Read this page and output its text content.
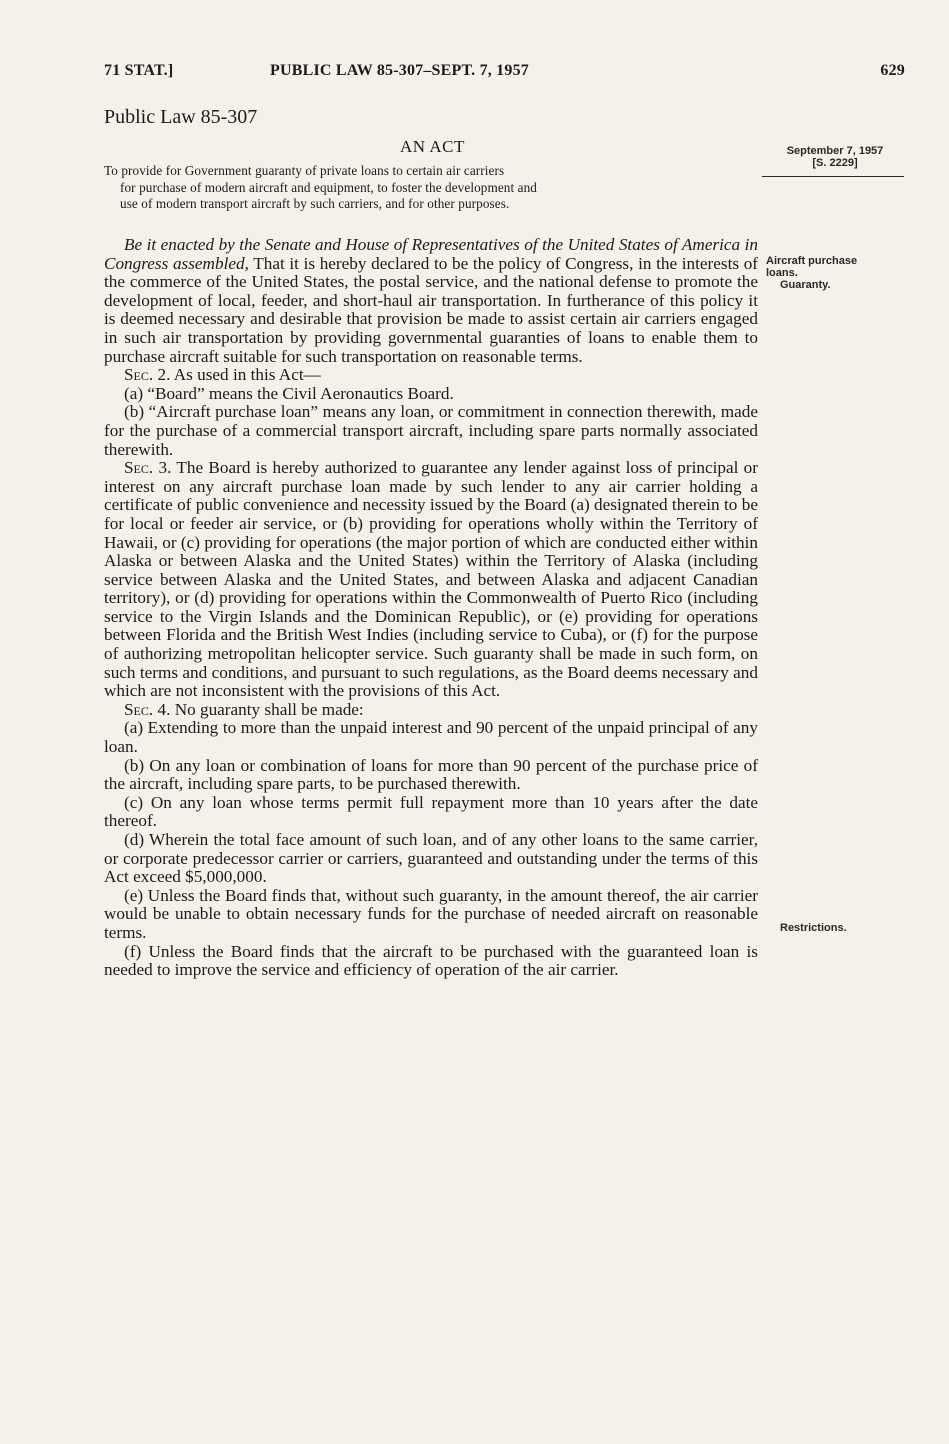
71 STAT.]	PUBLIC LAW 85-307–SEPT. 7, 1957	629
Public Law 85-307
AN ACT

To provide for Government guaranty of private loans to certain air carriers
for purchase of modern aircraft and equipment, to foster the development and
use of modern transport aircraft by such carriers, and for other purposes.

September 7, 1957
[S. 2229]
Aircraft purchase
loans.
Guaranty.
Restrictions.

Be it enacted by the Senate and House of Representatives of the United States of America in Congress assembled, That it is hereby declared to be the policy of Congress, in the interests of the commerce of the United States, the postal service, and the national defense to promote the development of local, feeder, and short-haul air transportation. In furtherance of this policy it is deemed necessary and desirable that provision be made to assist certain air carriers engaged in such air transportation by providing governmental guaranties of loans to enable them to purchase aircraft suitable for such transportation on reasonable terms.

Sec. 2. As used in this Act—

(a) “Board” means the Civil Aeronautics Board.

(b) “Aircraft purchase loan” means any loan, or commitment in connection therewith, made for the purchase of a commercial transport aircraft, including spare parts normally associated therewith.

Sec. 3. The Board is hereby authorized to guarantee any lender against loss of principal or interest on any aircraft purchase loan made by such lender to any air carrier holding a certificate of public convenience and necessity issued by the Board (a) designated therein to be for local or feeder air service, or (b) providing for operations wholly within the Territory of Hawaii, or (c) providing for operations (the major portion of which are conducted either within Alaska or between Alaska and the United States) within the Territory of Alaska (including service between Alaska and the United States, and between Alaska and adjacent Canadian territory), or (d) providing for operations within the Commonwealth of Puerto Rico (including service to the Virgin Islands and the Dominican Republic), or (e) providing for operations between Florida and the British West Indies (including service to Cuba), or (f) for the purpose of authorizing metropolitan helicopter service. Such guaranty shall be made in such form, on such terms and conditions, and pursuant to such regulations, as the Board deems necessary and which are not inconsistent with the provisions of this Act.

Sec. 4. No guaranty shall be made:

(a) Extending to more than the unpaid interest and 90 percent of the unpaid principal of any loan.

(b) On any loan or combination of loans for more than 90 percent of the purchase price of the aircraft, including spare parts, to be purchased therewith.

(c) On any loan whose terms permit full repayment more than 10 years after the date thereof.

(d) Wherein the total face amount of such loan, and of any other loans to the same carrier, or corporate predecessor carrier or carriers, guaranteed and outstanding under the terms of this Act exceed $5,000,000.

(e) Unless the Board finds that, without such guaranty, in the amount thereof, the air carrier would be unable to obtain necessary funds for the purchase of needed aircraft on reasonable terms.

(f) Unless the Board finds that the aircraft to be purchased with the guaranteed loan is needed to improve the service and efficiency of operation of the air carrier.
